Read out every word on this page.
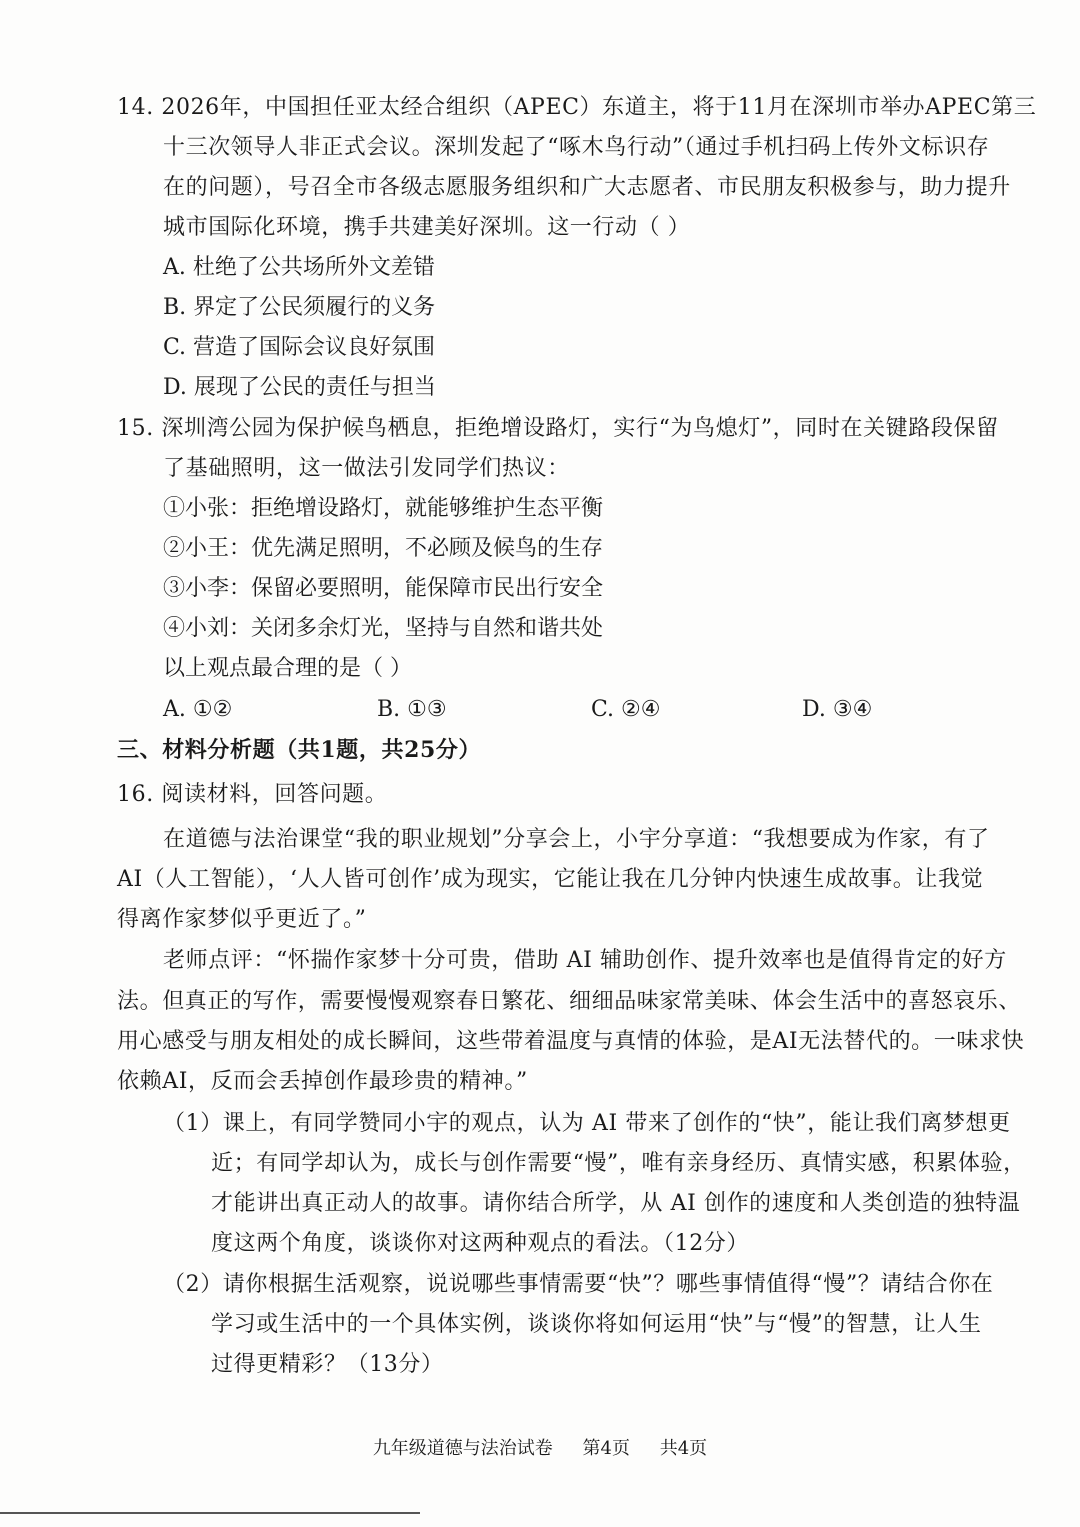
14. 2026年，中国担任亚太经合组织（APEC）东道主，将于11月在深圳市举办APEC第三
十三次领导人非正式会议。深圳发起了“啄木鸟行动”（通过手机扫码上传外文标识存
在的问题），号召全市各级志愿服务组织和广大志愿者、市民朋友积极参与，助力提升
城市国际化环境，携手共建美好深圳。这一行动（ ）
A. 杜绝了公共场所外文差错
B. 界定了公民须履行的义务
C. 营造了国际会议良好氛围
D. 展现了公民的责任与担当
15. 深圳湾公园为保护候鸟栖息，拒绝增设路灯，实行“为鸟熄灯”，同时在关键路段保留
了基础照明，这一做法引发同学们热议：
①小张：拒绝增设路灯，就能够维护生态平衡
②小王：优先满足照明，不必顾及候鸟的生存
③小李：保留必要照明，能保障市民出行安全
④小刘：关闭多余灯光，坚持与自然和谐共处
以上观点最合理的是（ ）
A. ①②	B. ①③	C. ②④	D. ③④
三、材料分析题（共1题，共25分）
16. 阅读材料，回答问题。
在道德与法治课堂“我的职业规划”分享会上，小宇分享道：“我想要成为作家，有了
AI（人工智能），‘人人皆可创作’成为现实，它能让我在几分钟内快速生成故事。让我觉
得离作家梦似乎更近了。”
老师点评：“怀揣作家梦十分可贵，借助 AI 辅助创作、提升效率也是值得肯定的好方
法。但真正的写作，需要慢慢观察春日繁花、细细品味家常美味、体会生活中的喜怒哀乐、
用心感受与朋友相处的成长瞬间，这些带着温度与真情的体验，是AI无法替代的。一味求快
依赖AI，反而会丢掉创作最珍贵的精神。”
（1）课上，有同学赞同小宇的观点，认为 AI 带来了创作的“快”，能让我们离梦想更
近；有同学却认为，成长与创作需要“慢”，唯有亲身经历、真情实感，积累体验，
才能讲出真正动人的故事。请你结合所学，从 AI 创作的速度和人类创造的独特温
度这两个角度，谈谈你对这两种观点的看法。（12分）
（2）请你根据生活观察，说说哪些事情需要“快”？哪些事情值得“慢”？请结合你在
学习或生活中的一个具体实例，谈谈你将如何运用“快”与“慢”的智慧，让人生
过得更精彩？（13分）
九年级道德与法治试卷 第4页 共4页
